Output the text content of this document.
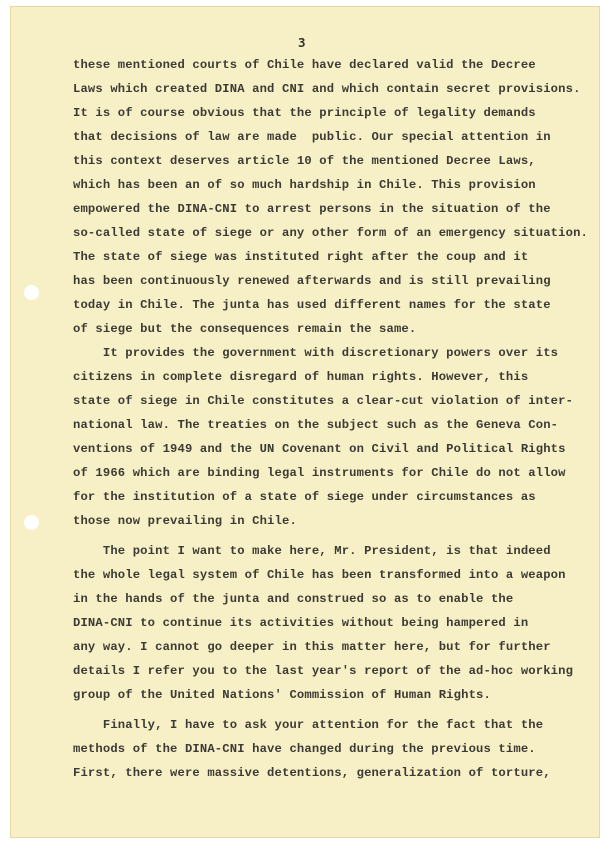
3
these mentioned courts of Chile have declared valid the Decree
Laws which created DINA and CNI and which contain secret provisions.
It is of course obvious that the principle of legality demands
that decisions of law are made  public. Our special attention in
this context deserves article 10 of the mentioned Decree Laws,
which has been an of so much hardship in Chile. This provision
empowered the DINA-CNI to arrest persons in the situation of the
so-called state of siege or any other form of an emergency situation.
The state of siege was instituted right after the coup and it
has been continuously renewed afterwards and is still prevailing
today in Chile. The junta has used different names for the state
of siege but the consequences remain the same.
It provides the government with discretionary powers over its
citizens in complete disregard of human rights. However, this
state of siege in Chile constitutes a clear-cut violation of inter-
national law. The treaties on the subject such as the Geneva Con-
ventions of 1949 and the UN Covenant on Civil and Political Rights
of 1966 which are binding legal instruments for Chile do not allow
for the institution of a state of siege under circumstances as
those now prevailing in Chile.
The point I want to make here, Mr. President, is that indeed
the whole legal system of Chile has been transformed into a weapon
in the hands of the junta and construed so as to enable the
DINA-CNI to continue its activities without being hampered in
any way. I cannot go deeper in this matter here, but for further
details I refer you to the last year's report of the ad-hoc working
group of the United Nations' Commission of Human Rights.
Finally, I have to ask your attention for the fact that the
methods of the DINA-CNI have changed during the previous time.
First, there were massive detentions, generalization of torture,
